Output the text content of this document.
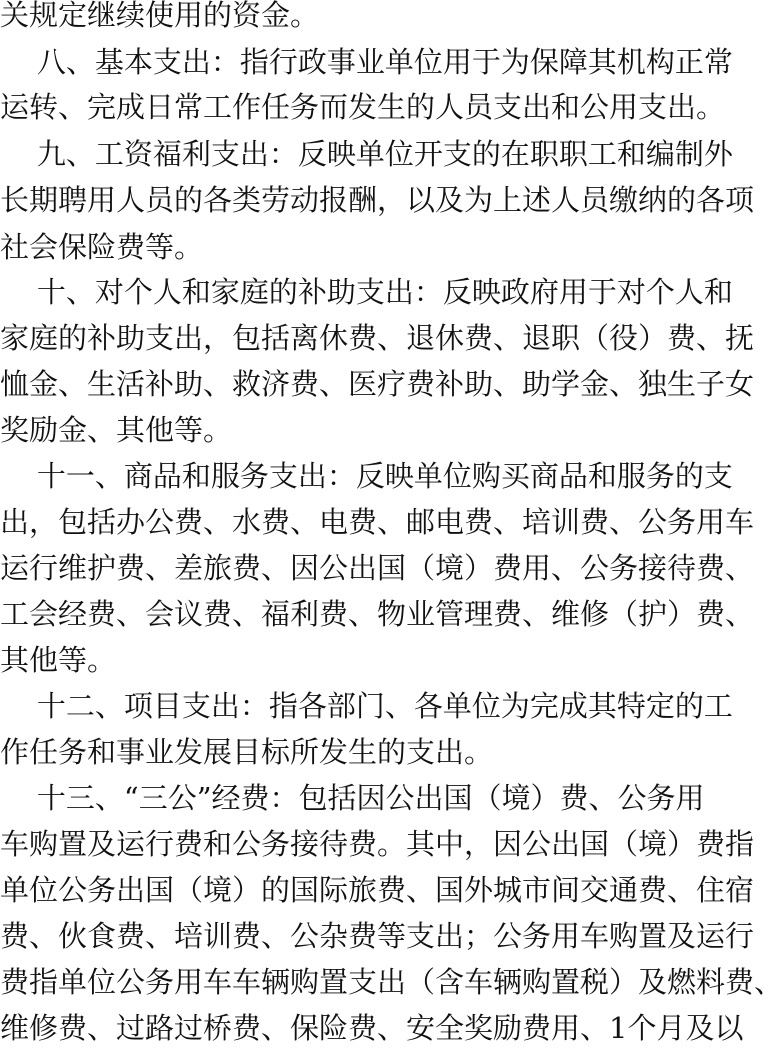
关规定继续使用的资金。
八、基本支出：指行政事业单位用于为保障其机构正常
运转、完成日常工作任务而发生的人员支出和公用支出。
九、工资福利支出：反映单位开支的在职职工和编制外
长期聘用人员的各类劳动报酬，以及为上述人员缴纳的各项
社会保险费等。
十、对个人和家庭的补助支出：反映政府用于对个人和
家庭的补助支出，包括离休费、退休费、退职（役）费、抚
恤金、生活补助、救济费、医疗费补助、助学金、独生子女
奖励金、其他等。
十一、商品和服务支出：反映单位购买商品和服务的支
出，包括办公费、水费、电费、邮电费、培训费、公务用车
运行维护费、差旅费、因公出国（境）费用、公务接待费、
工会经费、会议费、福利费、物业管理费、维修（护）费、
其他等。
十二、项目支出：指各部门、各单位为完成其特定的工
作任务和事业发展目标所发生的支出。
十三、“三公”经费：包括因公出国（境）费、公务用
车购置及运行费和公务接待费。其中，因公出国（境）费指
单位公务出国（境）的国际旅费、国外城市间交通费、住宿
费、伙食费、培训费、公杂费等支出；公务用车购置及运行
费指单位公务用车车辆购置支出（含车辆购置税）及燃料费、
维修费、过路过桥费、保险费、安全奖励费用、1个月及以
